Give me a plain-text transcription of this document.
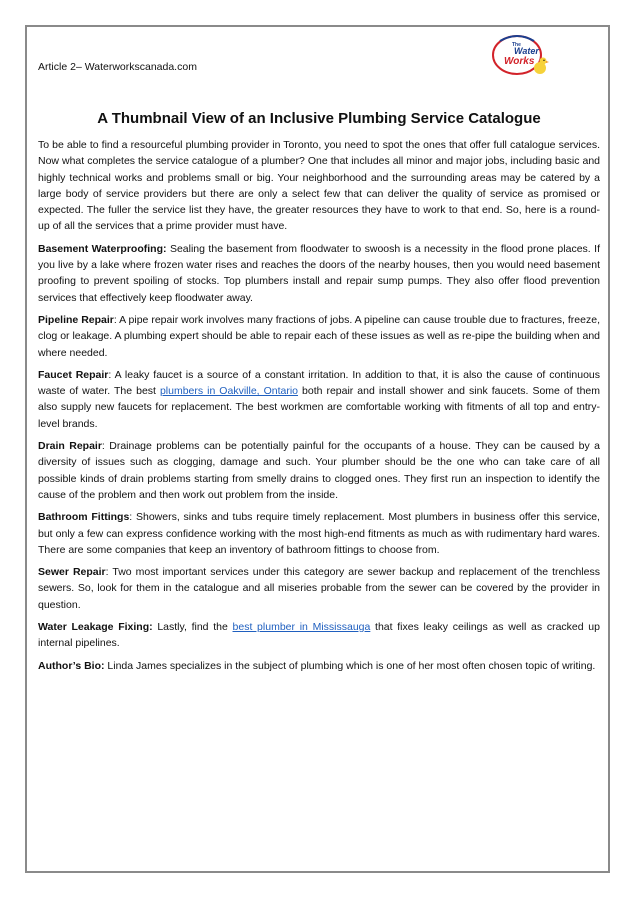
Article 2– Waterworkscanada.com
The
Water
Works
A Thumbnail View of an Inclusive Plumbing Service Catalogue

To be able to find a resourceful plumbing provider in Toronto, you need to spot the ones that offer full catalogue services. Now what completes the service catalogue of a plumber? One that includes all minor and major jobs, including basic and highly technical works and problems small or big. Your neighborhood and the surrounding areas may be catered by a large body of service providers but there are only a select few that can deliver the quality of service as promised or expected. The fuller the service list they have, the greater resources they have to work to that end. So, here is a round-up of all the services that a prime provider must have.

Basement Waterproofing: Sealing the basement from floodwater to swoosh is a necessity in the flood prone places. If you live by a lake where frozen water rises and reaches the doors of the nearby houses, then you would need basement proofing to prevent spoiling of stocks. Top plumbers install and repair sump pumps. They also offer flood prevention services that effectively keep floodwater away.

Pipeline Repair: A pipe repair work involves many fractions of jobs. A pipeline can cause trouble due to fractures, freeze, clog or leakage. A plumbing expert should be able to repair each of these issues as well as re-pipe the building when and where needed.

Faucet Repair: A leaky faucet is a source of a constant irritation. In addition to that, it is also the cause of continuous waste of water. The best plumbers in Oakville, Ontario both repair and install shower and sink faucets. Some of them also supply new faucets for replacement. The best workmen are comfortable working with fitments of all top and entry-level brands.

Drain Repair: Drainage problems can be potentially painful for the occupants of a house. They can be caused by a diversity of issues such as clogging, damage and such. Your plumber should be the one who can take care of all possible kinds of drain problems starting from smelly drains to clogged ones. They first run an inspection to identify the cause of the problem and then work out problem from the inside.

Bathroom Fittings: Showers, sinks and tubs require timely replacement. Most plumbers in business offer this service, but only a few can express confidence working with the most high-end fitments as much as with rudimentary hard wares. There are some companies that keep an inventory of bathroom fittings to choose from.

Sewer Repair: Two most important services under this category are sewer backup and replacement of the trenchless sewers. So, look for them in the catalogue and all miseries probable from the sewer can be covered by the provider in question.

Water Leakage Fixing: Lastly, find the best plumber in Mississauga that fixes leaky ceilings as well as cracked up internal pipelines.

Author’s Bio: Linda James specializes in the subject of plumbing which is one of her most often chosen topic of writing.
